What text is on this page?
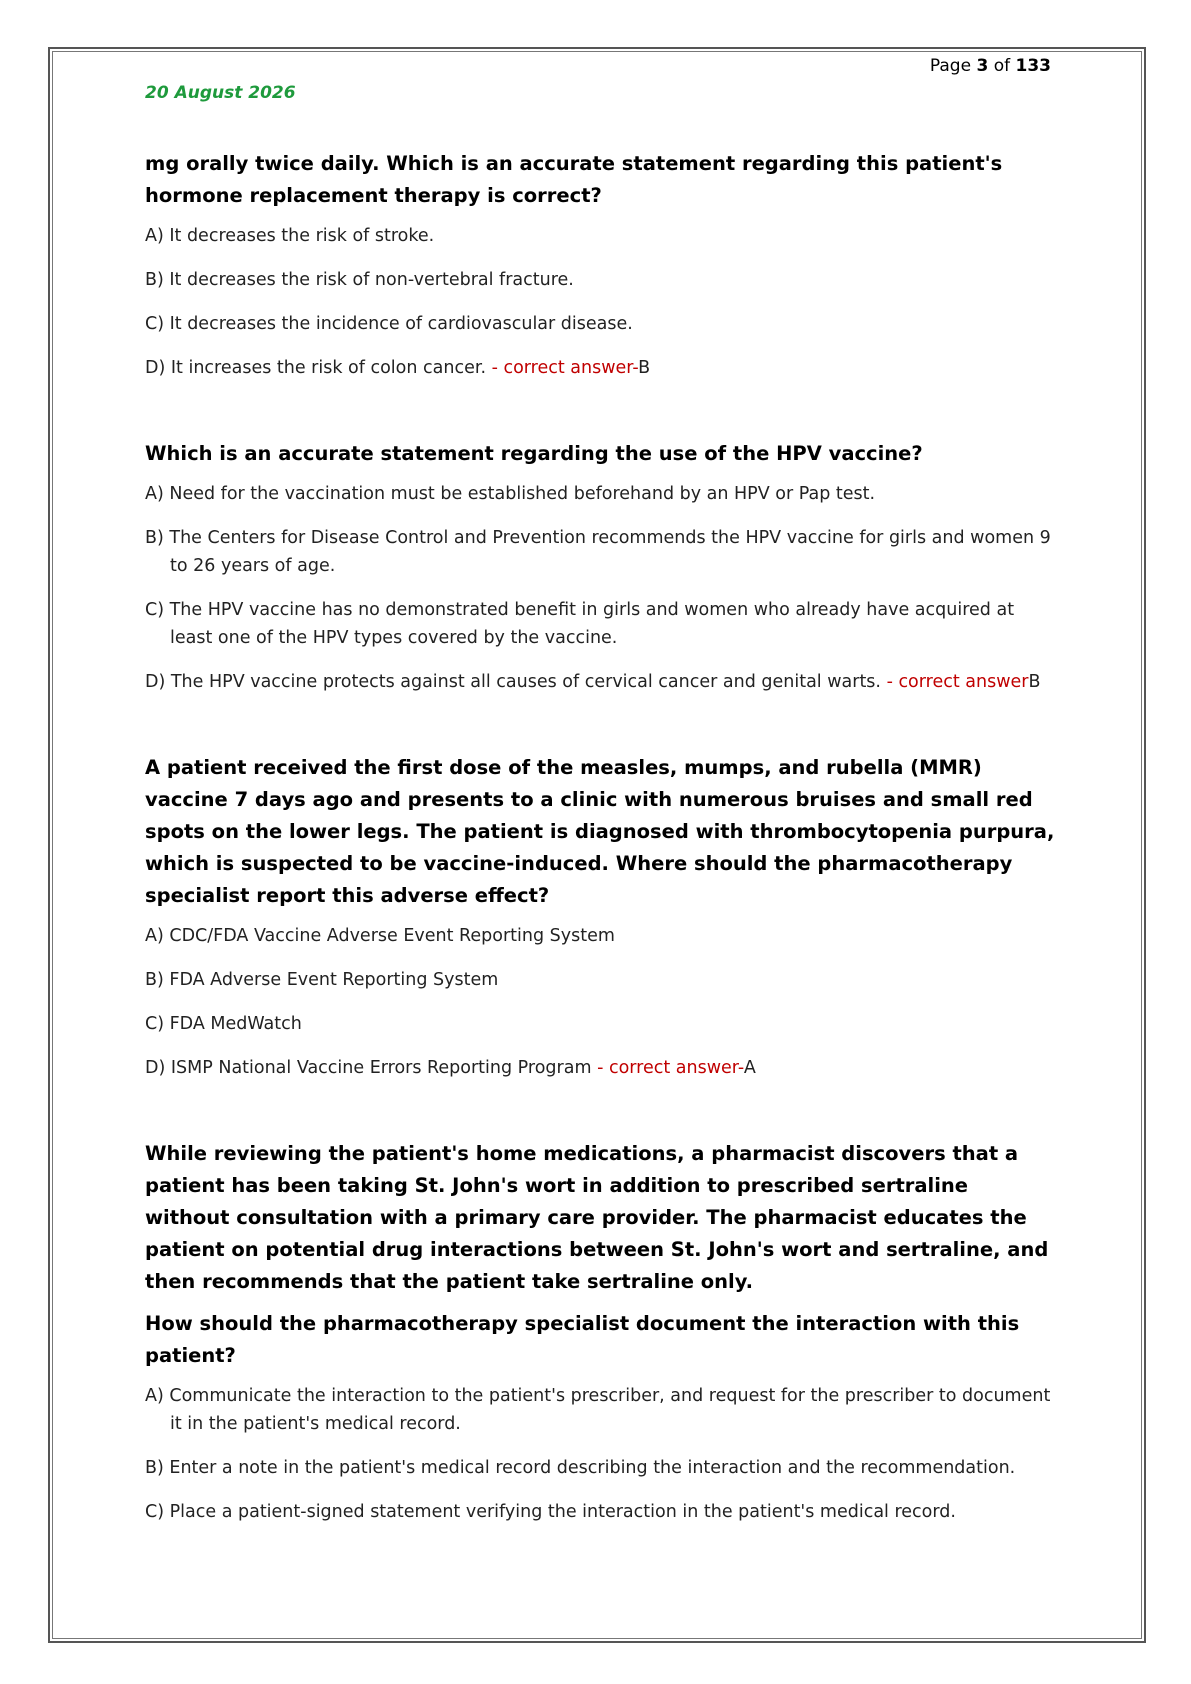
Page 3 of 133
20 August 2026

mg orally twice daily. Which is an accurate statement regarding this patient's hormone replacement therapy is correct?

A) It decreases the risk of stroke.

B) It decreases the risk of non-vertebral fracture.

C) It decreases the incidence of cardiovascular disease.

D) It increases the risk of colon cancer. - correct answer-B

Which is an accurate statement regarding the use of the HPV vaccine?

A) Need for the vaccination must be established beforehand by an HPV or Pap test.

B) The Centers for Disease Control and Prevention recommends the HPV vaccine for girls and women 9 to 26 years of age.

C) The HPV vaccine has no demonstrated benefit in girls and women who already have acquired at least one of the HPV types covered by the vaccine.

D) The HPV vaccine protects against all causes of cervical cancer and genital warts. - correct answerB

A patient received the first dose of the measles, mumps, and rubella (MMR) vaccine 7 days ago and presents to a clinic with numerous bruises and small red spots on the lower legs. The patient is diagnosed with thrombocytopenia purpura, which is suspected to be vaccine-induced. Where should the pharmacotherapy specialist report this adverse effect?

A) CDC/FDA Vaccine Adverse Event Reporting System

B) FDA Adverse Event Reporting System

C) FDA MedWatch

D) ISMP National Vaccine Errors Reporting Program - correct answer-A

While reviewing the patient's home medications, a pharmacist discovers that a patient has been taking St. John's wort in addition to prescribed sertraline without consultation with a primary care provider. The pharmacist educates the patient on potential drug interactions between St. John's wort and sertraline, and then recommends that the patient take sertraline only.

How should the pharmacotherapy specialist document the interaction with this patient?

A) Communicate the interaction to the patient's prescriber, and request for the prescriber to document it in the patient's medical record.

B) Enter a note in the patient's medical record describing the interaction and the recommendation.

C) Place a patient-signed statement verifying the interaction in the patient's medical record.
